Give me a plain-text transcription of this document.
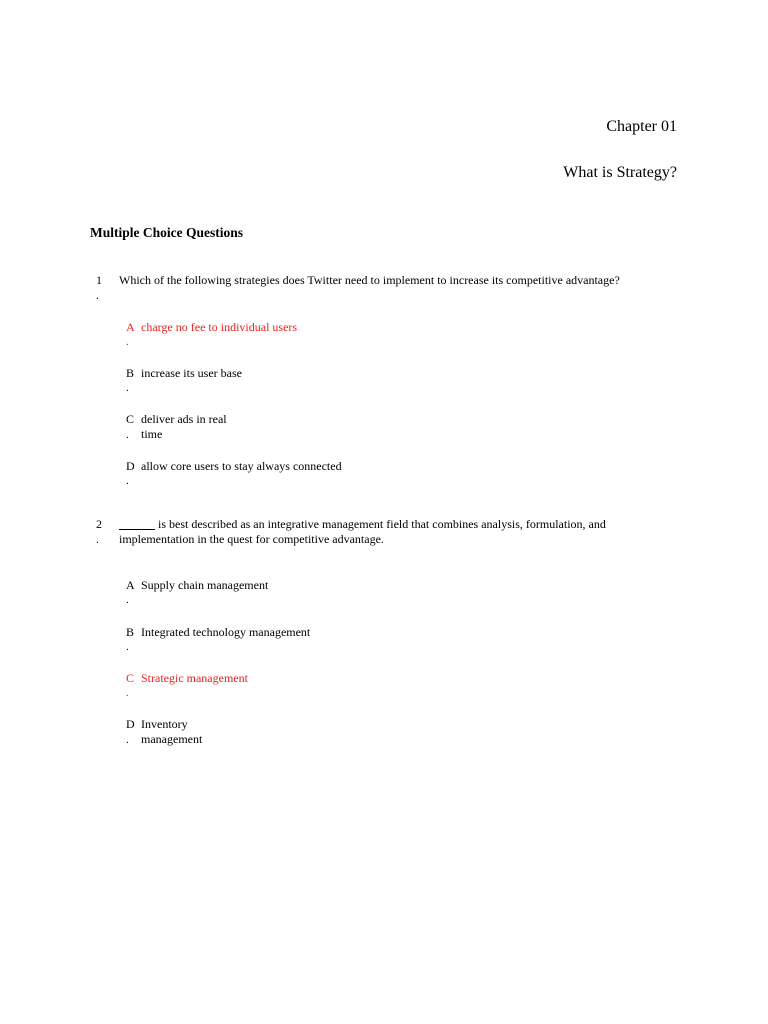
Chapter 01
What is Strategy?
Multiple Choice Questions
1
.
Which of the following strategies does Twitter need to implement to increase its competitive advantage?
A charge no fee to individual users
.
B increase its user base
.
C deliver ads in real
. time
D allow core users to stay always connected
.
2
.
______ is best described as an integrative management field that combines analysis, formulation, and implementation in the quest for competitive advantage.
A Supply chain management
.
B Integrated technology management
.
C Strategic management
.
D Inventory
. management
